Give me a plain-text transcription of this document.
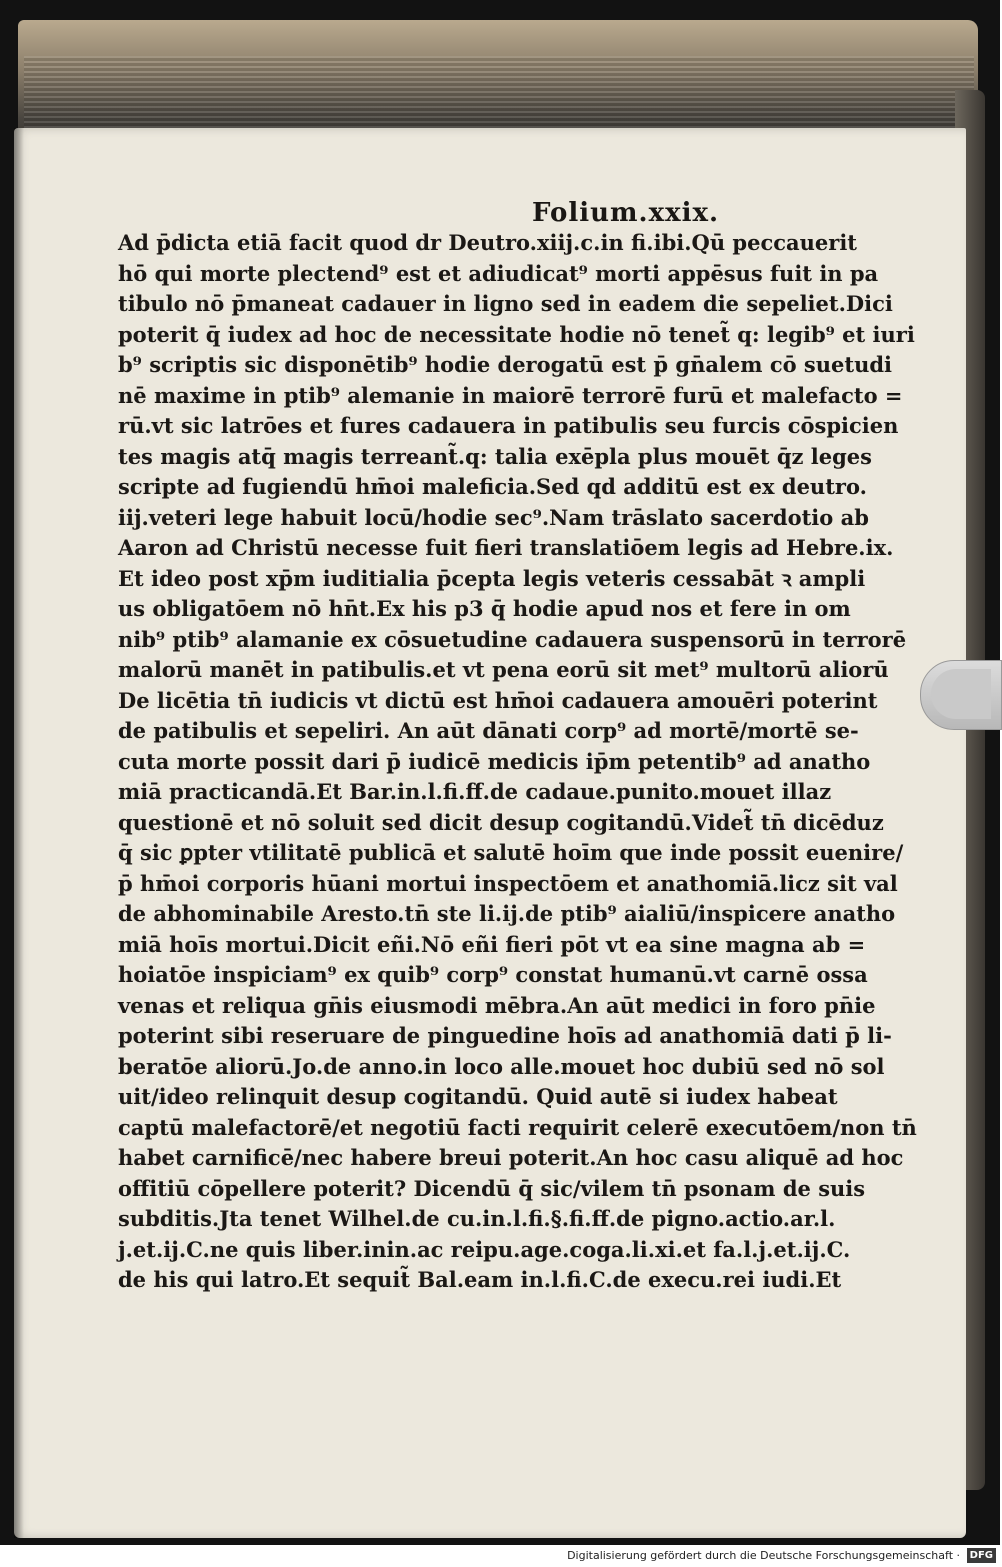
Folium.xxix.
Ad p̄dicta etiā facit quod dr Deutro.xiij.c.in fi.ibi.Qū peccauerit
hō qui morte plectend⁹ est et adiudicat⁹ morti appēsus fuit in pa
tibulo nō p̄maneat cadauer in ligno sed in eadem die sepeliet.Dici
poterit q̄ iudex ad hoc de necessitate hodie nō tenet̃ q: legib⁹ et iuri
b⁹ scriptis sic disponētib⁹ hodie derogatū est p̄ gn̄alem cō suetudi
nē maxime in ptib⁹ alemanie in maiorē terrorē furū et malefacto =
rū.vt sic latrōes et fures cadauera in patibulis seu furcis cōspicien
tes magis atq̄ magis terreant̃.q: talia exēpla plus mouēt q̄z leges
scripte ad fugiendū hm̄oi maleficia.Sed qd additū est ex deutro.
iij.veteri lege habuit locū/hodie sec⁹.Nam trāslato sacerdotio ab
Aaron ad Christū necesse fuit fieri translatiōem legis ad Hebre.ix.
Et ideo post xp̄m iuditialia p̄cepta legis veteris cessabāt ꝛ ampli
us obligatōem nō hn̄t.Ex his p3 q̄ hodie apud nos et fere in om
nib⁹ ptib⁹ alamanie ex cōsuetudine cadauera suspensorū in terrorē
malorū manēt in patibulis.et vt pena eorū sit met⁹ multorū aliorū
De licētia tn̄ iudicis vt dictū est hm̄oi cadauera amouēri poterint
de patibulis et sepeliri. An aūt dānati corp⁹ ad mortē/mortē se-
cuta morte possit dari p̄ iudicē medicis ip̄m petentib⁹ ad anatho
miā practicandā.Et Bar.in.l.fi.ff.de cadaue.punito.mouet illaz
questionē et nō soluit sed dicit desup cogitandū.Videt̃ tn̄ dicēduz
q̄ sic ꝑpter vtilitatē publicā et salutē hoīm que inde possit euenire/
p̄ hm̄oi corporis hūani mortui inspectōem et anathomiā.licz sit val
de abhominabile Aresto.tn̄ ste li.ij.de ptib⁹ aialiū/inspicere anatho
miā hoīs mortui.Dicit eñi.Nō eñi fieri pōt vt ea sine magna ab =
hoiatōe inspiciam⁹ ex quib⁹ corp⁹ constat humanū.vt carnē ossa
venas et reliqua gn̄is eiusmodi mēbra.An aūt medici in foro pn̄ie
poterint sibi reseruare de pinguedine hoīs ad anathomiā dati p̄ li-
beratōe aliorū.Jo.de anno.in loco alle.mouet hoc dubiū sed nō sol
uit/ideo relinquit desup cogitandū. Quid autē si iudex habeat
captū malefactorē/et negotiū facti requirit celerē executōem/non tn̄
habet carnificē/nec habere breui poterit.An hoc casu aliquē ad hoc
offitiū cōpellere poterit? Dicendū q̄ sic/vilem tn̄ psonam de suis
subditis.Jta tenet Wilhel.de cu.in.l.fi.§.fi.ff.de pigno.actio.ar.l.
j.et.ij.C.ne quis liber.inin.ac reipu.age.coga.li.xi.et fa.l.j.et.ij.C.
de his qui latro.Et sequit̃ Bal.eam in.l.fi.C.de execu.rei iudi.Et
Digitalisierung gefördert durch die Deutsche Forschungsgemeinschaft · DFG
